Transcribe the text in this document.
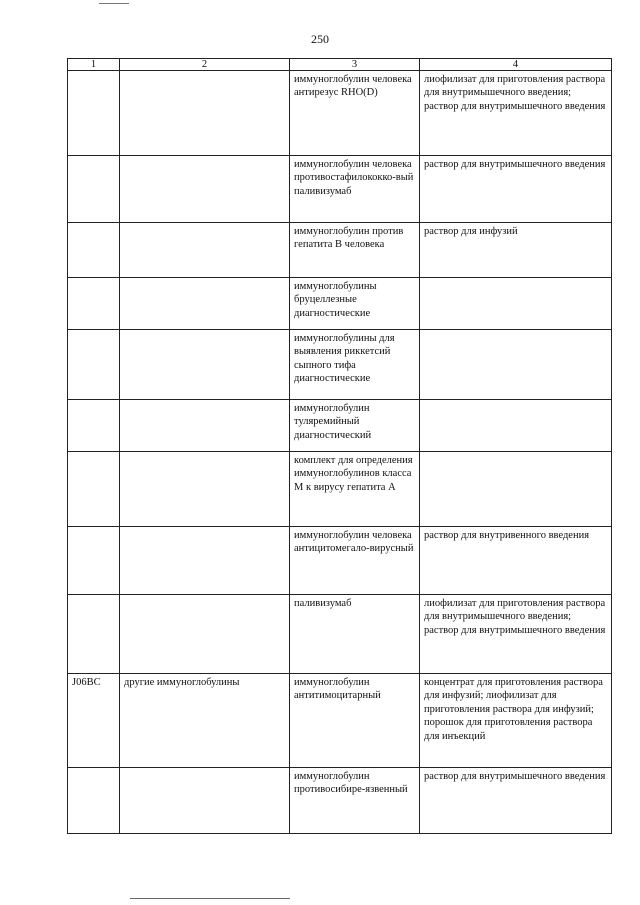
250
1	2	3	4
		иммуноглобулин человека антирезус RHO(D)	лиофилизат для приготовления раствора для внутримышечного введения; раствор для внутримышечного введения
		иммуноглобулин человека противостафилококко-вый паливизумаб	раствор для внутримышечного введения
		иммуноглобулин против гепатита B человека	раствор для инфузий
		иммуноглобулины бруцеллезные диагностические	
		иммуноглобулины для выявления риккетсий сыпного тифа диагностические	
		иммуноглобулин туляремийный диагностический	
		комплект для определения иммуноглобулинов класса М к вирусу гепатита А	
		иммуноглобулин человека антицитомегало-вирусный	раствор для внутривенного введения
		паливизумаб	лиофилизат для приготовления раствора для внутримышечного введения; раствор для внутримышечного введения
J06BC	другие иммуноглобулины	иммуноглобулин антитимоцитарный	концентрат для приготовления раствора для инфузий; лиофилизат для приготовления раствора для инфузий; порошок для приготовления раствора для инъекций
		иммуноглобулин противосибире-язвенный	раствор для внутримышечного введения
